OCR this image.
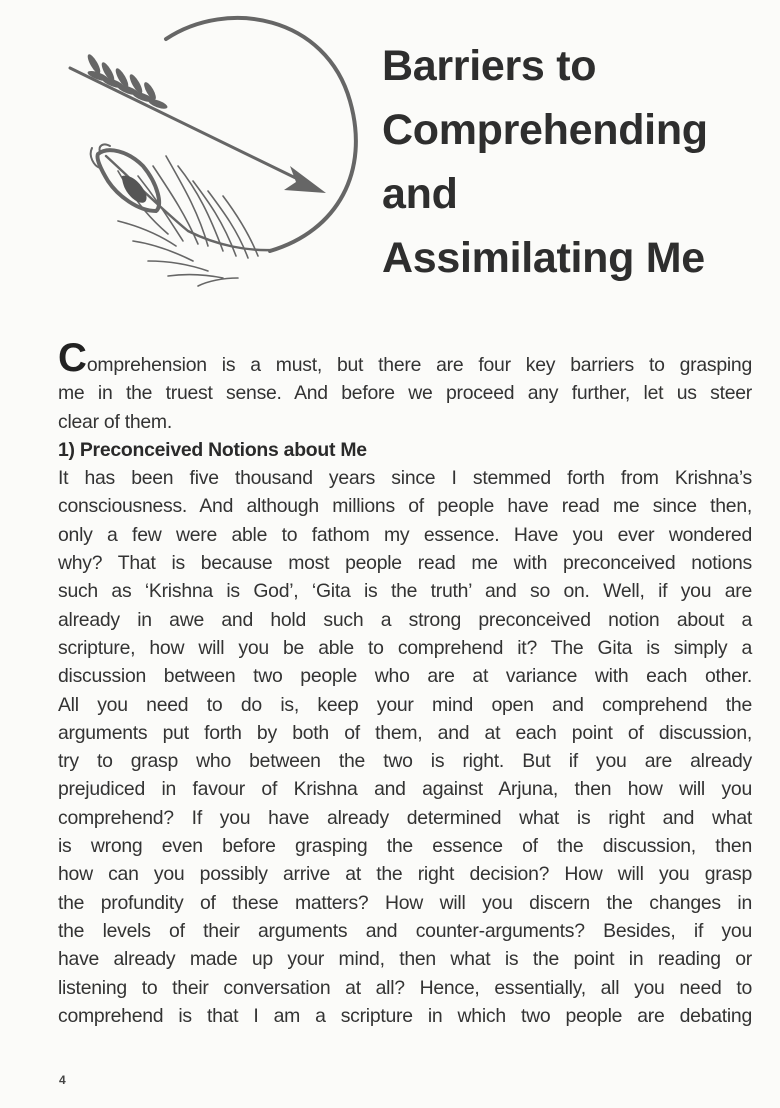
Barriers to
Comprehending
and
Assimilating Me
Comprehension is a must, but there are four key barriers to grasping
me in the truest sense. And before we proceed any further, let us steer
clear of them.
1) Preconceived Notions about Me
It has been five thousand years since I stemmed forth from Krishna’s
consciousness. And although millions of people have read me since then,
only a few were able to fathom my essence. Have you ever wondered
why? That is because most people read me with preconceived notions
such as ‘Krishna is God’, ‘Gita is the truth’ and so on. Well, if you are
already in awe and hold such a strong preconceived notion about a
scripture, how will you be able to comprehend it? The Gita is simply a
discussion between two people who are at variance with each other.
All you need to do is, keep your mind open and comprehend the
arguments put forth by both of them, and at each point of discussion,
try to grasp who between the two is right. But if you are already
prejudiced in favour of Krishna and against Arjuna, then how will you
comprehend? If you have already determined what is right and what
is wrong even before grasping the essence of the discussion, then
how can you possibly arrive at the right decision? How will you grasp
the profundity of these matters? How will you discern the changes in
the levels of their arguments and counter-arguments? Besides, if you
have already made up your mind, then what is the point in reading or
listening to their conversation at all? Hence, essentially, all you need to
comprehend is that I am a scripture in which two people are debating
4
